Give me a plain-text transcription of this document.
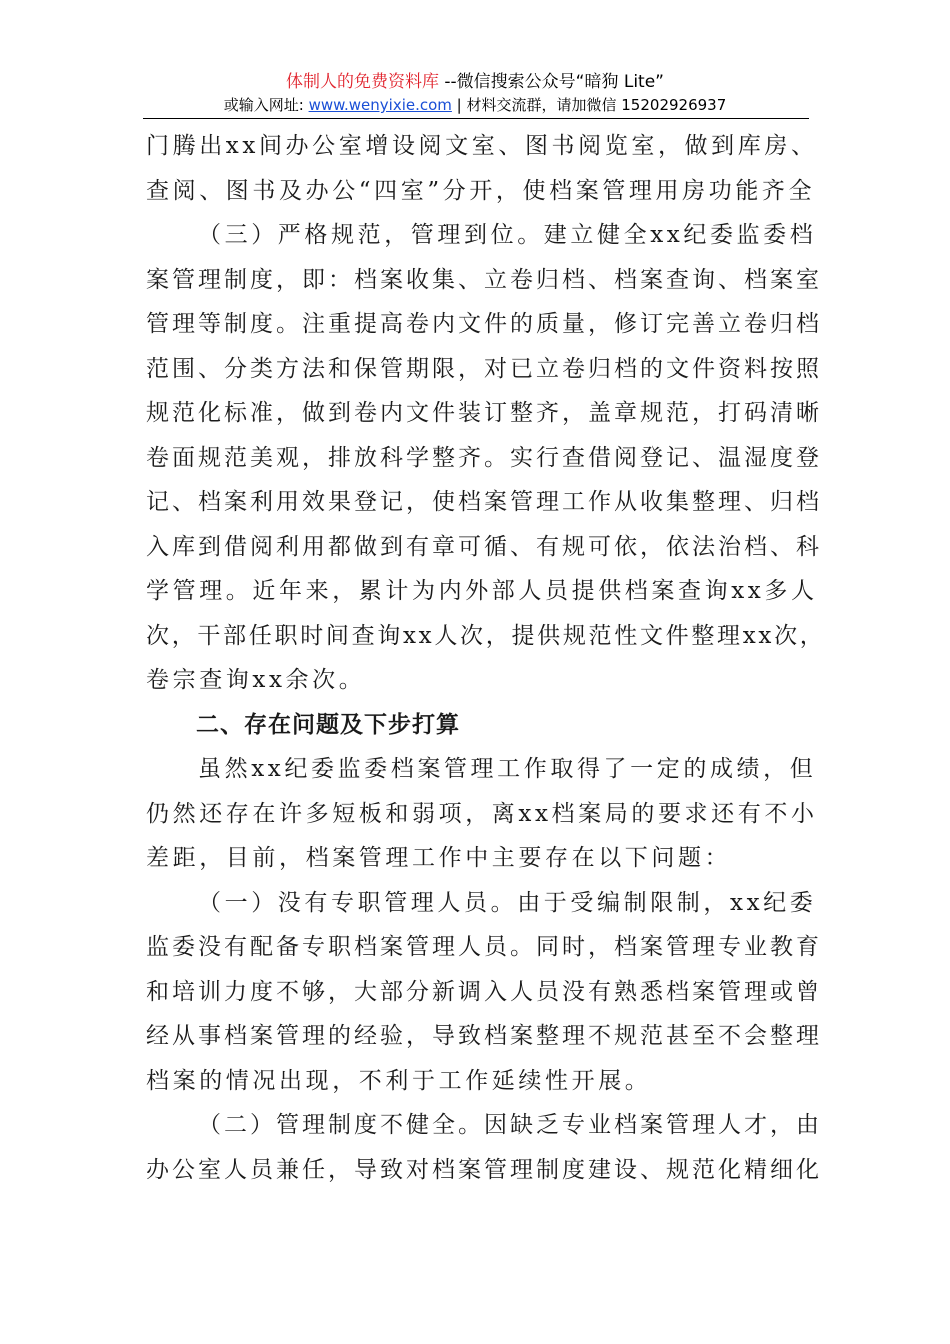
体制人的免费资料库 --微信搜索公众号“暗狗 Lite”
或输入网址: www.wenyixie.com | 材料交流群，请加微信 15202926937
门腾出xx间办公室增设阅文室、图书阅览室，做到库房、
查阅、图书及办公“四室”分开，使档案管理用房功能齐全
（三）严格规范，管理到位。建立健全xx纪委监委档
案管理制度，即：档案收集、立卷归档、档案查询、档案室
管理等制度。注重提高卷内文件的质量，修订完善立卷归档
范围、分类方法和保管期限，对已立卷归档的文件资料按照
规范化标准，做到卷内文件装订整齐，盖章规范，打码清晰
卷面规范美观，排放科学整齐。实行查借阅登记、温湿度登
记、档案利用效果登记，使档案管理工作从收集整理、归档
入库到借阅利用都做到有章可循、有规可依，依法治档、科
学管理。近年来，累计为内外部人员提供档案查询xx多人
次，干部任职时间查询xx人次，提供规范性文件整理xx次，
卷宗查询xx余次。
二、存在问题及下步打算
虽然xx纪委监委档案管理工作取得了一定的成绩，但
仍然还存在许多短板和弱项，离xx档案局的要求还有不小
差距，目前，档案管理工作中主要存在以下问题：
（一）没有专职管理人员。由于受编制限制，xx纪委
监委没有配备专职档案管理人员。同时，档案管理专业教育
和培训力度不够，大部分新调入人员没有熟悉档案管理或曾
经从事档案管理的经验，导致档案整理不规范甚至不会整理
档案的情况出现，不利于工作延续性开展。
（二）管理制度不健全。因缺乏专业档案管理人才，由
办公室人员兼任，导致对档案管理制度建设、规范化精细化
